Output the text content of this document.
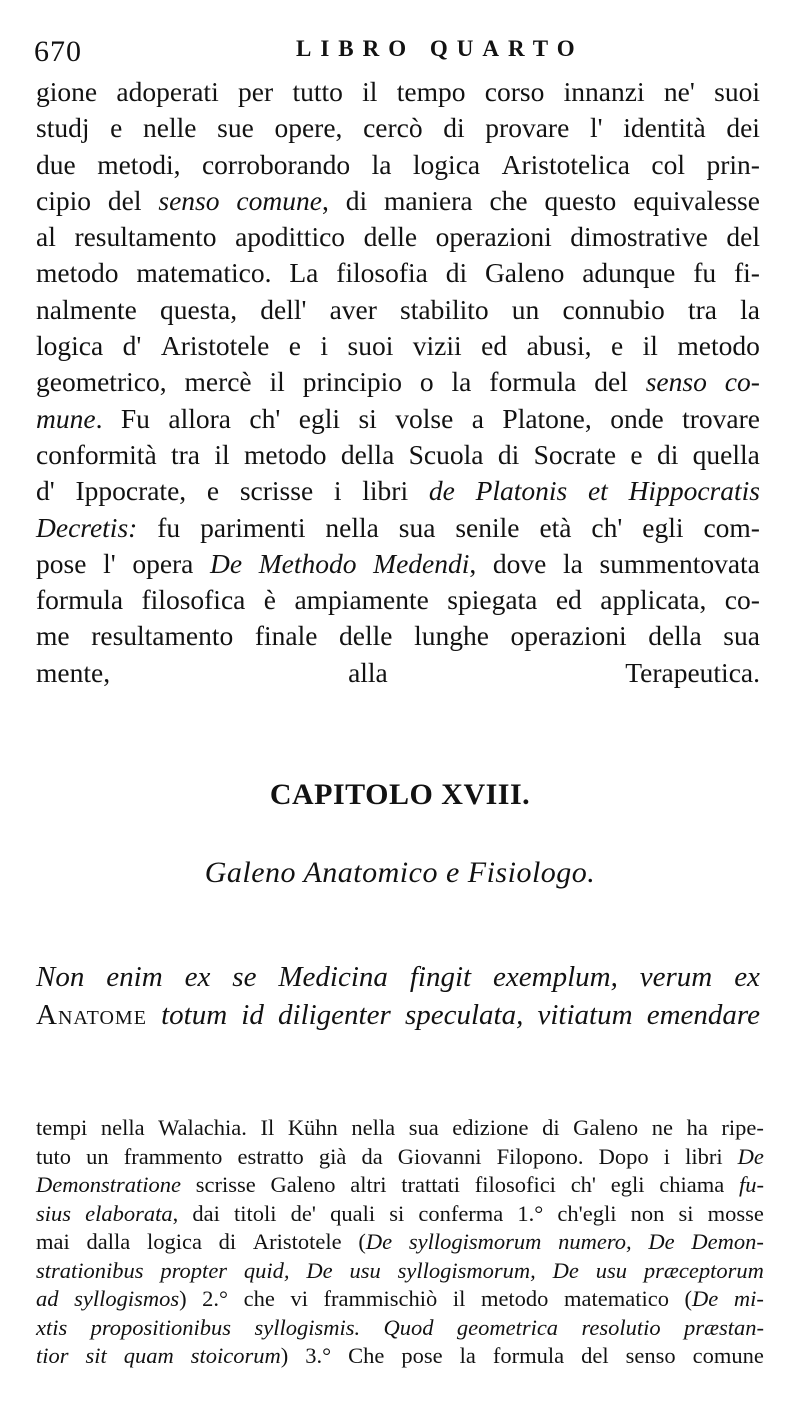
670	LIBRO QUARTO
gione adoperati per tutto il tempo corso innanzi ne' suoi
studj e nelle sue opere, cercò di provare l' identità dei
due metodi, corroborando la logica Aristotelica col prin-
cipio del senso comune, di maniera che questo equivalesse
al resultamento apodittico delle operazioni dimostrative del
metodo matematico. La filosofia di Galeno adunque fu fi-
nalmente questa, dell' aver stabilito un connubio tra la
logica d' Aristotele e i suoi vizii ed abusi, e il metodo
geometrico, mercè il principio o la formula del senso co-
mune. Fu allora ch' egli si volse a Platone, onde trovare
conformità tra il metodo della Scuola di Socrate e di quella
d' Ippocrate, e scrisse i libri de Platonis et Hippocratis
Decretis: fu parimenti nella sua senile età ch' egli com-
pose l' opera De Methodo Medendi, dove la summentovata
formula filosofica è ampiamente spiegata ed applicata, co-
me resultamento finale delle lunghe operazioni della sua
mente,	alla	Terapeutica.
CAPITOLO XVIII.
Galeno Anatomico e Fisiologo.
Non enim ex se Medicina fingit exemplum, verum ex
Anatome totum id diligenter speculata, vitiatum emendare
tempi nella Walachia. Il Kühn nella sua edizione di Galeno ne ha ripe-
tuto un frammento estratto già da Giovanni Filopono. Dopo i libri De
Demonstratione scrisse Galeno altri trattati filosofici ch' egli chiama fu-
sius elaborata, dai titoli de' quali si conferma 1.° ch'egli non si mosse
mai dalla logica di Aristotele (De syllogismorum numero, De Demon-
strationibus propter quid, De usu syllogismorum, De usu præceptorum
ad syllogismos) 2.° che vi frammischiò il metodo matematico (De mi-
xtis propositionibus syllogismis. Quod geometrica resolutio præstan-
tior sit quam stoicorum) 3.° Che pose la formula del senso comune
